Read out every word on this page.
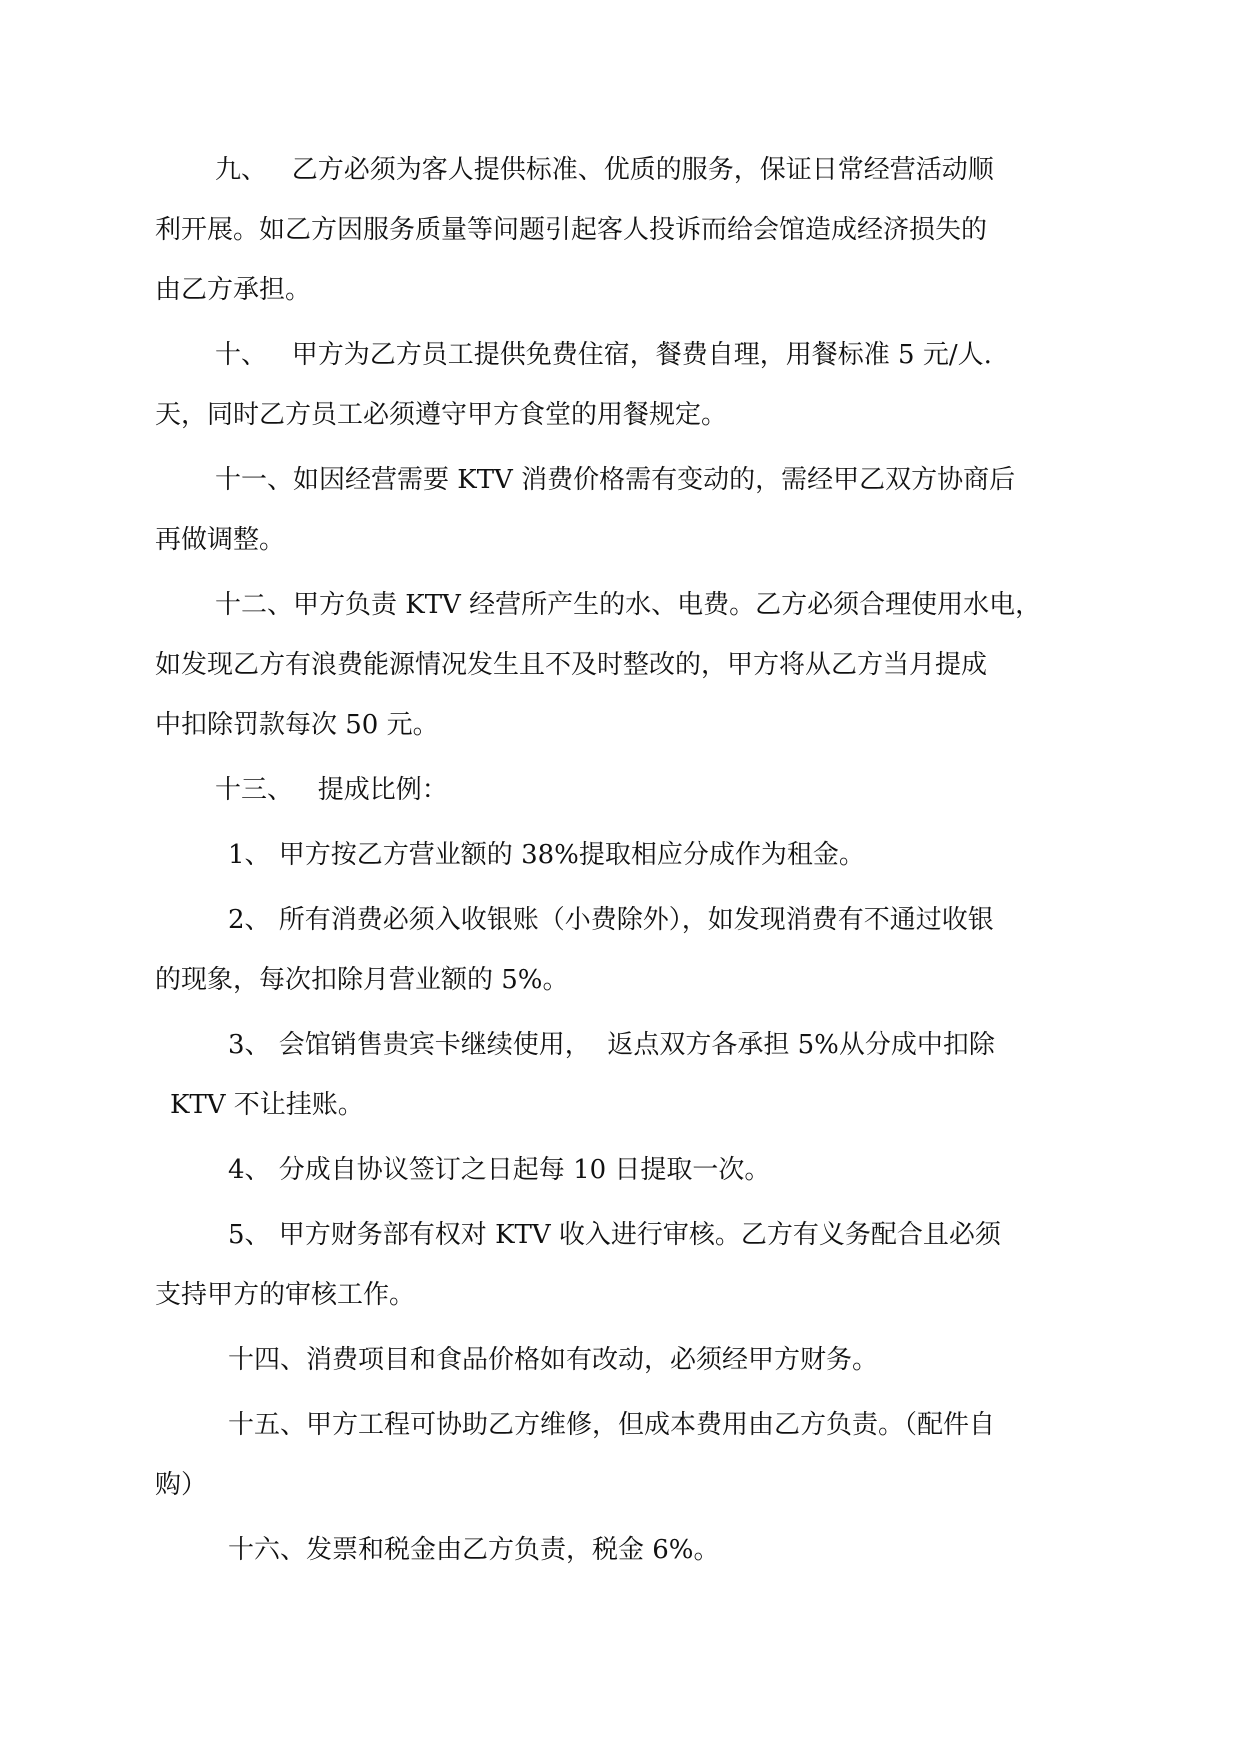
九、   乙方必须为客人提供标准、优质的服务，保证日常经营活动顺
利开展。如乙方因服务质量等问题引起客人投诉而给会馆造成经济损失的
由乙方承担。
十、   甲方为乙方员工提供免费住宿，餐费自理，用餐标准 5 元/人.
天，同时乙方员工必须遵守甲方食堂的用餐规定。
十一、如因经营需要 KTV 消费价格需有变动的，需经甲乙双方协商后
再做调整。
十二、甲方负责 KTV 经营所产生的水、电费。乙方必须合理使用水电，
如发现乙方有浪费能源情况发生且不及时整改的，甲方将从乙方当月提成
中扣除罚款每次 50 元。
十三、   提成比例：
1、 甲方按乙方营业额的 38%提取相应分成作为租金。
2、 所有消费必须入收银账（小费除外），如发现消费有不通过收银
的现象，每次扣除月营业额的 5%。
3、 会馆销售贵宾卡继续使用，  返点双方各承担 5%从分成中扣除
KTV 不让挂账。
4、 分成自协议签订之日起每 10 日提取一次。
5、 甲方财务部有权对 KTV 收入进行审核。乙方有义务配合且必须
支持甲方的审核工作。
十四、消费项目和食品价格如有改动，必须经甲方财务。
十五、甲方工程可协助乙方维修，但成本费用由乙方负责。（配件自
购）
十六、发票和税金由乙方负责，税金 6%。
